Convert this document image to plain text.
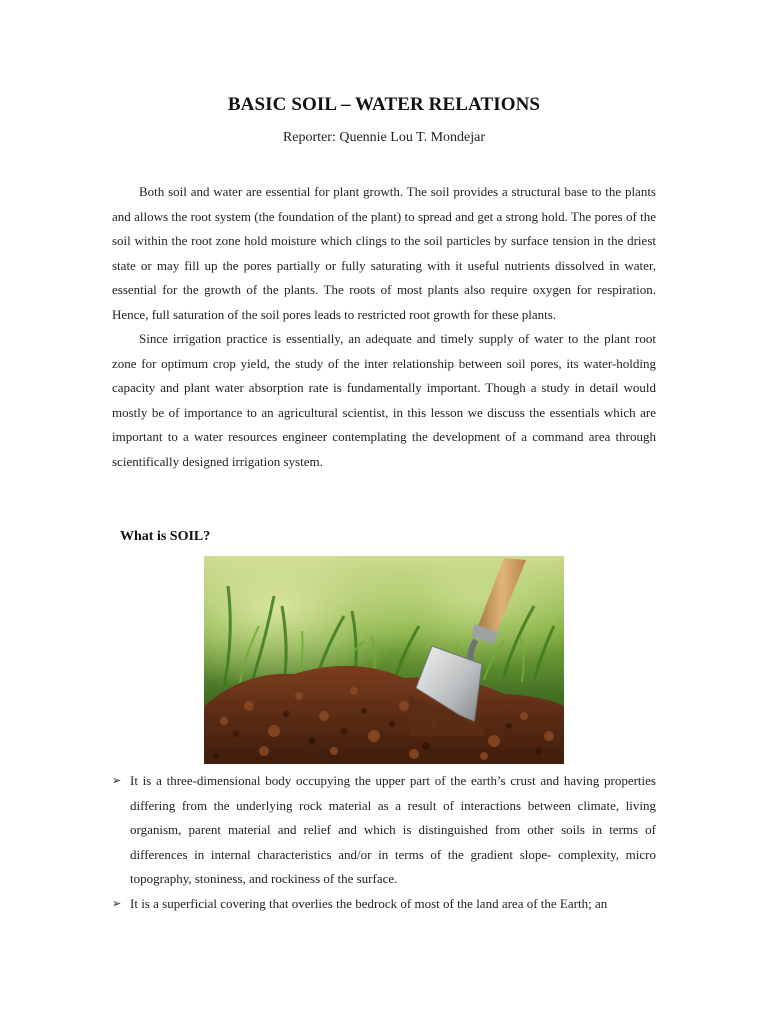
BASIC SOIL – WATER RELATIONS
Reporter: Quennie Lou T. Mondejar

Both soil and water are essential for plant growth. The soil provides a structural base to the plants and allows the root system (the foundation of the plant) to spread and get a strong hold. The pores of the soil within the root zone hold moisture which clings to the soil particles by surface tension in the driest state or may fill up the pores partially or fully saturating with it useful nutrients dissolved in water, essential for the growth of the plants. The roots of most plants also require oxygen for respiration. Hence, full saturation of the soil pores leads to restricted root growth for these plants.

Since irrigation practice is essentially, an adequate and timely supply of water to the plant root zone for optimum crop yield, the study of the inter relationship between soil pores, its water-holding capacity and plant water absorption rate is fundamentally important. Though a study in detail would mostly be of importance to an agricultural scientist, in this lesson we discuss the essentials which are important to a water resources engineer contemplating the development of a command area through scientifically designed irrigation system.

What is SOIL?
➢ It is a three-dimensional body occupying the upper part of the earth’s crust and having properties differing from the underlying rock material as a result of interactions between climate, living organism, parent material and relief and which is distinguished from other soils in terms of differences in internal characteristics and/or in terms of the gradient slope- complexity, micro topography, stoniness, and rockiness of the surface.
➢ It is a superficial covering that overlies the bedrock of most of the land area of the Earth; an
